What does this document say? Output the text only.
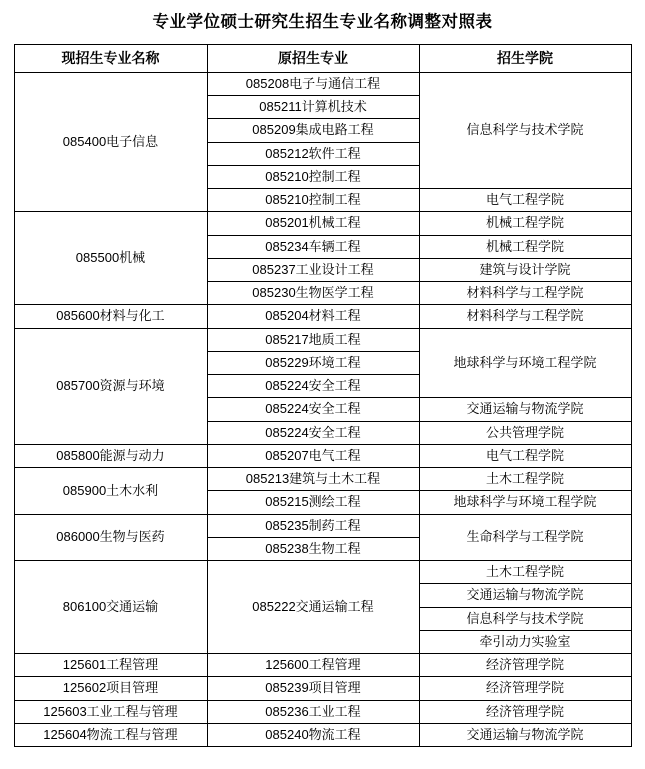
专业学位硕士研究生招生专业名称调整对照表
现招生专业名称	原招生专业	招生学院
085400电子信息	085208电子与通信工程	信息科学与技术学院
	085211计算机技术	
	085209集成电路工程	
	085212软件工程	
	085210控制工程	
	085210控制工程	电气工程学院
085500机械	085201机械工程	机械工程学院
	085234车辆工程	机械工程学院
	085237工业设计工程	建筑与设计学院
	085230生物医学工程	材料科学与工程学院
085600材料与化工	085204材料工程	材料科学与工程学院
085700资源与环境	085217地质工程	地球科学与环境工程学院
	085229环境工程	
	085224安全工程	
	085224安全工程	交通运输与物流学院
	085224安全工程	公共管理学院
085800能源与动力	085207电气工程	电气工程学院
085900土木水利	085213建筑与土木工程	土木工程学院
	085215测绘工程	地球科学与环境工程学院
086000生物与医药	085235制药工程	生命科学与工程学院
	085238生物工程	
806100交通运输	085222交通运输工程	土木工程学院
		交通运输与物流学院
		信息科学与技术学院
		牵引动力实验室
125601工程管理	125600工程管理	经济管理学院
125602项目管理	085239项目管理	经济管理学院
125603工业工程与管理	085236工业工程	经济管理学院
125604物流工程与管理	085240物流工程	交通运输与物流学院
